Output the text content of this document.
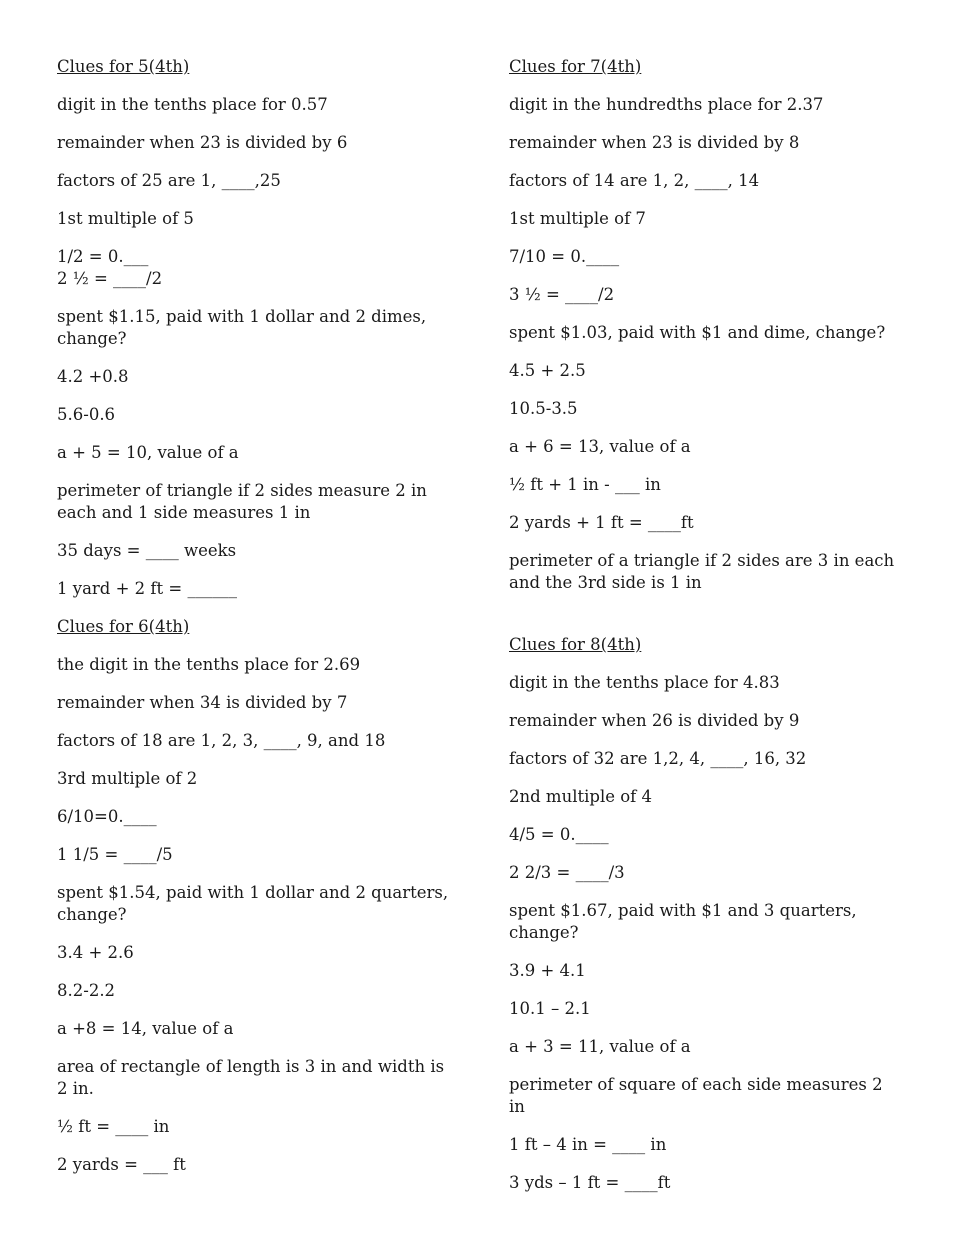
Clues for 5(4th)

digit in the tenths place for 0.57

remainder when 23 is divided by 6

factors of 25 are 1, ____,25

1st multiple of 5

1/2 = 0.___

2 ½ = ____/2

spent $1.15, paid with 1 dollar and 2 dimes, change?

4.2 +0.8

5.6-0.6

a + 5 = 10, value of a

perimeter of triangle if 2 sides measure 2 in each and 1 side measures 1 in

35 days = ____ weeks

1 yard + 2 ft = ______

Clues for 6(4th)

the digit in the tenths place for 2.69

remainder when 34 is divided by 7

factors of 18 are 1, 2, 3, ____, 9, and 18

3rd multiple of 2

6/10=0.____

1 1/5 = ____/5

spent $1.54, paid with 1 dollar and 2 quarters, change?

3.4 + 2.6

8.2-2.2

a +8 = 14, value of a

area of rectangle of length is 3 in and width is 2 in.

½ ft = ____ in

2 yards = ___ ft

Clues for 7(4th)

digit in the hundredths place for 2.37

remainder when 23 is divided by 8

factors of 14 are 1, 2, ____, 14

1st multiple of 7

7/10 = 0.____

3 ½ = ____/2

spent $1.03, paid with $1 and dime, change?

4.5 + 2.5

10.5-3.5

a + 6 = 13, value of a

½ ft + 1 in - ___ in

2 yards + 1 ft = ____ft

perimeter of a triangle if 2 sides are 3 in each and the 3rd side is 1 in

Clues for 8(4th)

digit in the tenths place for 4.83

remainder when 26 is divided by 9

factors of 32 are 1,2, 4, ____, 16, 32

2nd multiple of 4

4/5 = 0.____

2 2/3 = ____/3

spent $1.67, paid with $1 and 3 quarters, change?

3.9 + 4.1

10.1 – 2.1

a + 3 = 11, value of a

perimeter of square of each side measures 2 in

1 ft – 4 in = ____ in

3 yds – 1 ft = ____ft
